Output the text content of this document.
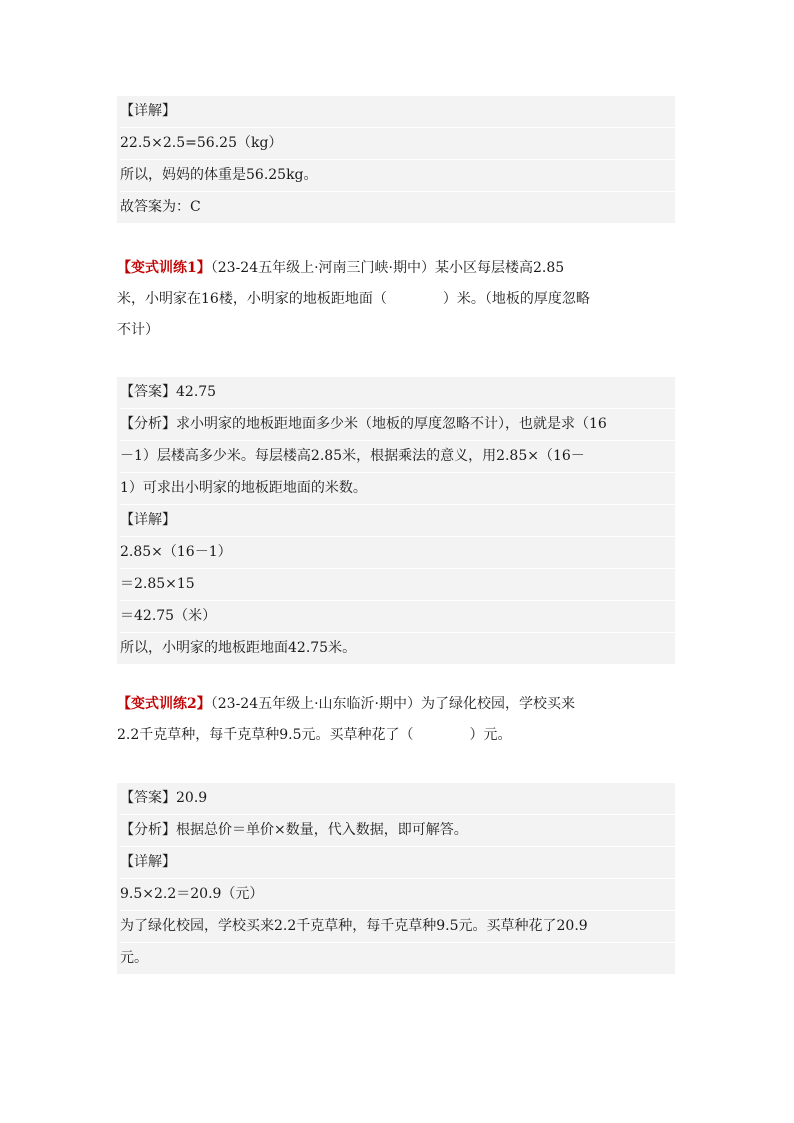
【详解】
22.5×2.5=56.25（kg）
所以，妈妈的体重是56.25kg。
故答案为：C
【变式训练1】（23-24五年级上·河南三门峡·期中）某小区每层楼高2.85
米，小明家在16楼，小明家的地板距地面（　　　　）米。（地板的厚度忽略
不计）
【答案】42.75
【分析】求小明家的地板距地面多少米（地板的厚度忽略不计），也就是求（16
－1）层楼高多少米。每层楼高2.85米，根据乘法的意义，用2.85×（16－
1）可求出小明家的地板距地面的米数。
【详解】
2.85×（16－1）
＝2.85×15
＝42.75（米）
所以，小明家的地板距地面42.75米。
【变式训练2】（23-24五年级上·山东临沂·期中）为了绿化校园，学校买来
2.2千克草种，每千克草种9.5元。买草种花了（　　　　）元。
【答案】20.9
【分析】根据总价＝单价×数量，代入数据，即可解答。
【详解】
9.5×2.2＝20.9（元）
为了绿化校园，学校买来2.2千克草种，每千克草种9.5元。买草种花了20.9
元。
